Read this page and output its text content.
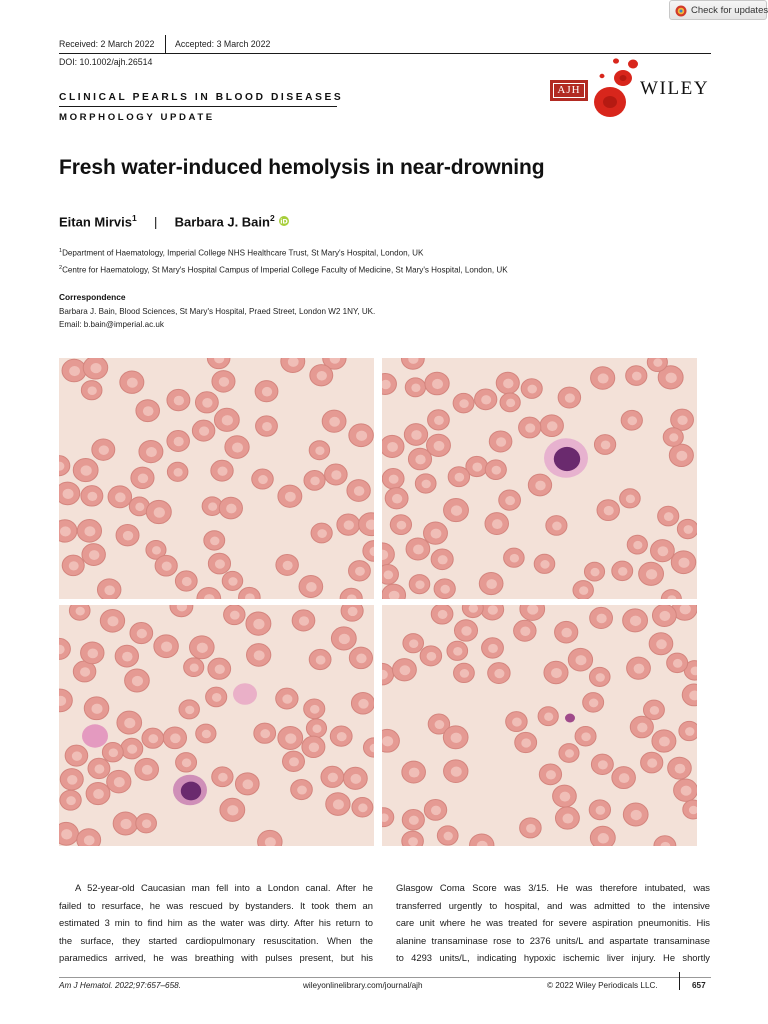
Check for updates
Received: 2 March 2022 Accepted: 3 March 2022
DOI: 10.1002/ajh.26514
AJH	WILEY
CLINICAL PEARLS IN BLOOD DISEASES
MORPHOLOGY UPDATE
Fresh water-induced hemolysis in near-drowning
Eitan Mirvis$^1$ | Barbara J. Bain$^2$ iD
$^1$Department of Haematology, Imperial College NHS Healthcare Trust, St Mary's Hospital, London, UK
$^2$Centre for Haematology, St Mary's Hospital Campus of Imperial College Faculty of Medicine, St Mary's Hospital, London, UK
Correspondence
Barbara J. Bain, Blood Sciences, St Mary's Hospital, Praed Street, London W2 1NY, UK.
Email: b.bain@imperial.ac.uk

A 52-year-old Caucasian man fell into a London canal. After he

failed to resurface, he was rescued by bystanders. It took them an

estimated 3 min to find him as the water was dirty. After his return to

the surface, they started cardiopulmonary resuscitation. When the

paramedics arrived, he was breathing with pulses present, but his

Glasgow Coma Score was 3/15. He was therefore intubated, was

transferred urgently to hospital, and was admitted to the intensive

care unit where he was treated for severe aspiration pneumonitis. His

alanine transaminase rose to 2376 units/L and aspartate transaminase

to 4293 units/L, indicating hypoxic ischemic liver injury. He shortly

Am J Hematol. 2022;97:657–658.	wileyonlinelibrary.com/journal/ajh	© 2022 Wiley Periodicals LLC.	657
